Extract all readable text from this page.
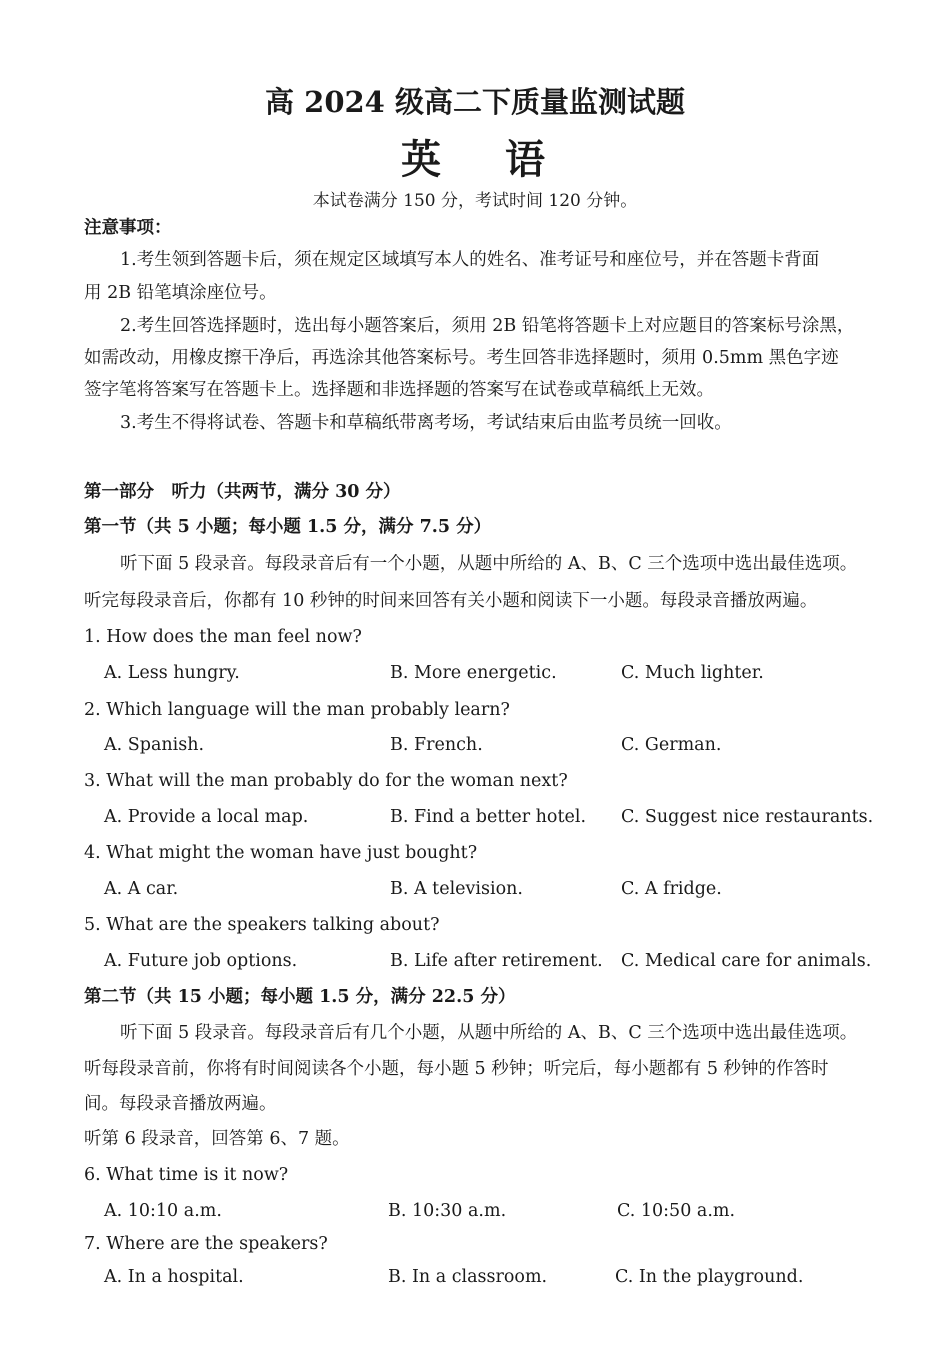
高 2024 级高二下质量监测试题
英 语
本试卷满分 150 分，考试时间 120 分钟。
注意事项：
1.考生领到答题卡后，须在规定区域填写本人的姓名、准考证号和座位号，并在答题卡背面
用 2B 铅笔填涂座位号。
2.考生回答选择题时，选出每小题答案后，须用 2B 铅笔将答题卡上对应题目的答案标号涂黑，
如需改动，用橡皮擦干净后，再选涂其他答案标号。考生回答非选择题时，须用 0.5mm 黑色字迹
签字笔将答案写在答题卡上。选择题和非选择题的答案写在试卷或草稿纸上无效。
3.考生不得将试卷、答题卡和草稿纸带离考场，考试结束后由监考员统一回收。
第一部分　听力（共两节，满分 30 分）
第一节（共 5 小题；每小题 1.5 分，满分 7.5 分）
听下面 5 段录音。每段录音后有一个小题，从题中所给的 A、B、C 三个选项中选出最佳选项。
听完每段录音后，你都有 10 秒钟的时间来回答有关小题和阅读下一小题。每段录音播放两遍。
1. How does the man feel now?
A. Less hungry.	B. More energetic.	C. Much lighter.
2. Which language will the man probably learn?
A. Spanish.	B. French.	C. German.
3. What will the man probably do for the woman next?
A. Provide a local map.	B. Find a better hotel. C. Suggest nice restaurants.
4. What might the woman have just bought?
A. A car.	B. A television.	C. A fridge.
5. What are the speakers talking about?
A. Future job options.	B. Life after retirement. C. Medical care for animals.
第二节（共 15 小题；每小题 1.5 分，满分 22.5 分）
听下面 5 段录音。每段录音后有几个小题，从题中所给的 A、B、C 三个选项中选出最佳选项。
听每段录音前，你将有时间阅读各个小题，每小题 5 秒钟；听完后，每小题都有 5 秒钟的作答时
间。每段录音播放两遍。
听第 6 段录音，回答第 6、7 题。
6. What time is it now?
A. 10:10 a.m.	B. 10:30 a.m.	C. 10:50 a.m.
7. Where are the speakers?
A. In a hospital.	B. In a classroom.	C. In the playground.
